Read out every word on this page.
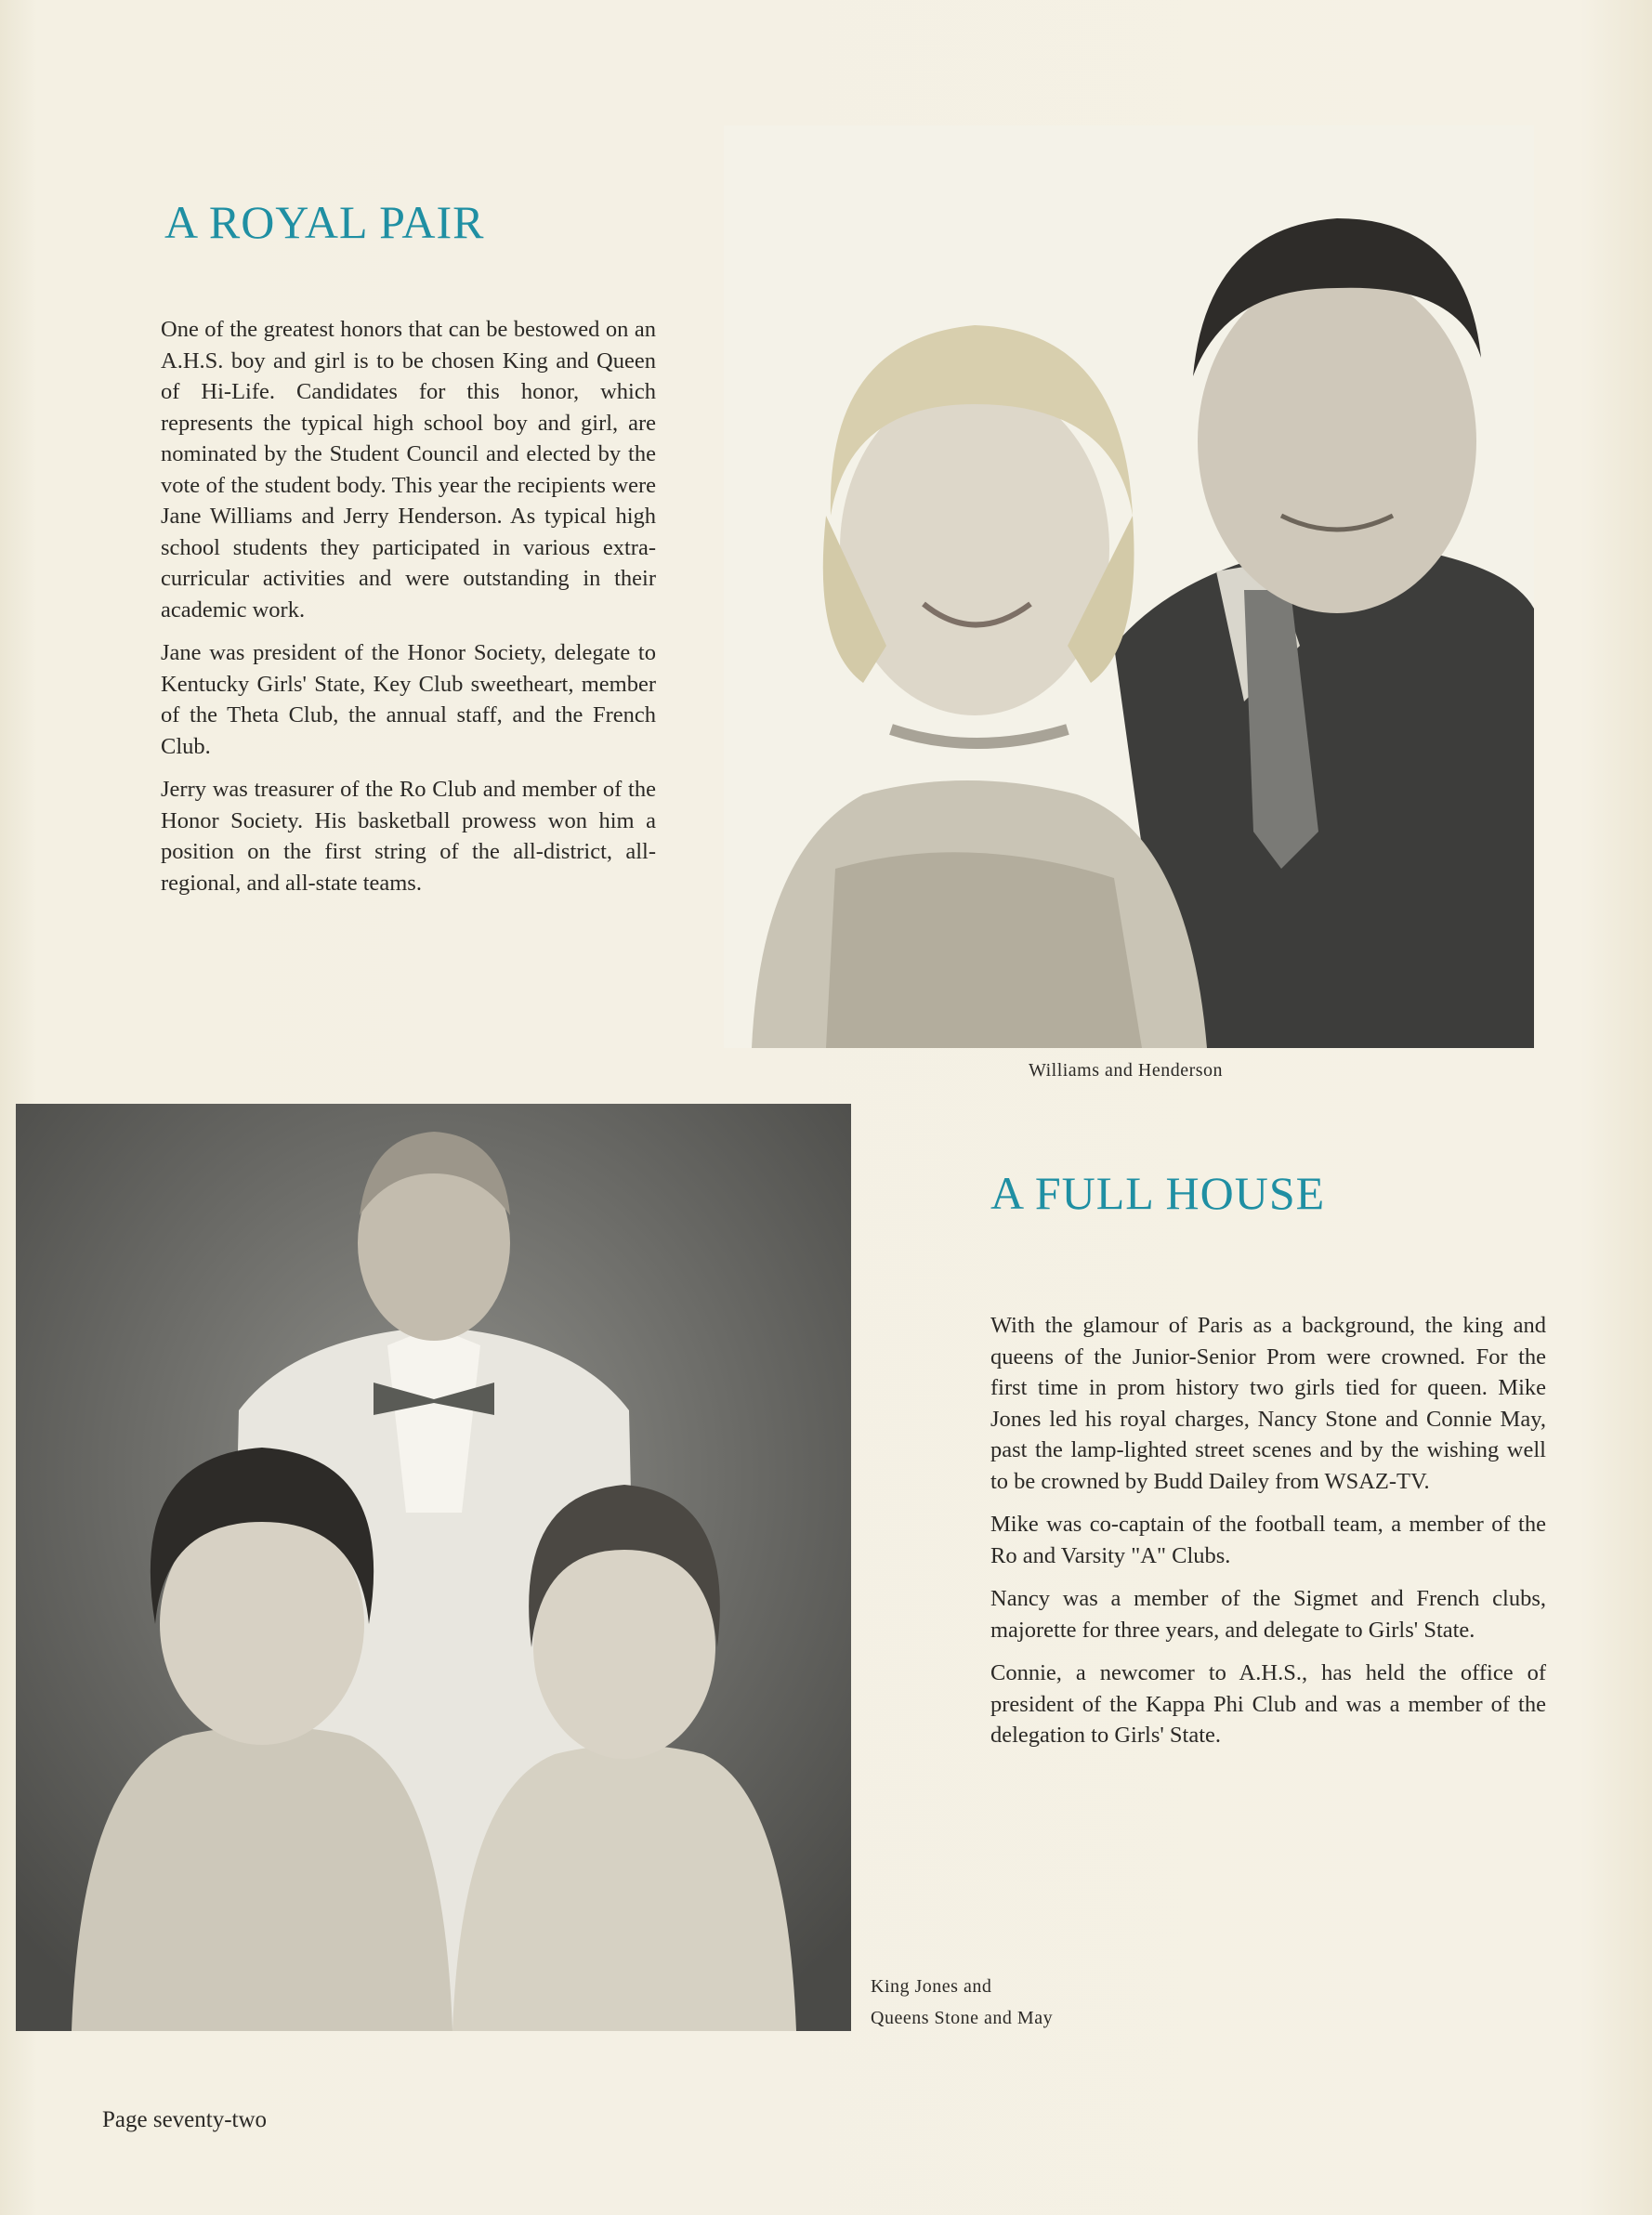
A ROYAL PAIR

One of the greatest honors that can be bestowed on an A.H.S. boy and girl is to be chosen King and Queen of Hi-Life. Candidates for this honor, which represents the typical high school boy and girl, are nominated by the Student Council and elected by the vote of the student body. This year the recipients were Jane Williams and Jerry Henderson. As typical high school students they participated in various extra-curricular activities and were outstanding in their academic work.

Jane was president of the Honor Society, delegate to Kentucky Girls' State, Key Club sweetheart, member of the Theta Club, the annual staff, and the French Club.

Jerry was treasurer of the Ro Club and member of the Honor Society. His basketball prowess won him a position on the first string of the all-district, all-regional, and all-state teams.

Williams and Henderson
King Jones and
Queens Stone and May
A FULL HOUSE

With the glamour of Paris as a background, the king and queens of the Junior-Senior Prom were crowned. For the first time in prom history two girls tied for queen. Mike Jones led his royal charges, Nancy Stone and Connie May, past the lamp-lighted street scenes and by the wishing well to be crowned by Budd Dailey from WSAZ-TV.

Mike was co-captain of the football team, a member of the Ro and Varsity "A" Clubs.

Nancy was a member of the Sigmet and French clubs, majorette for three years, and delegate to Girls' State.

Connie, a newcomer to A.H.S., has held the office of president of the Kappa Phi Club and was a member of the delegation to Girls' State.

Page seventy-two
